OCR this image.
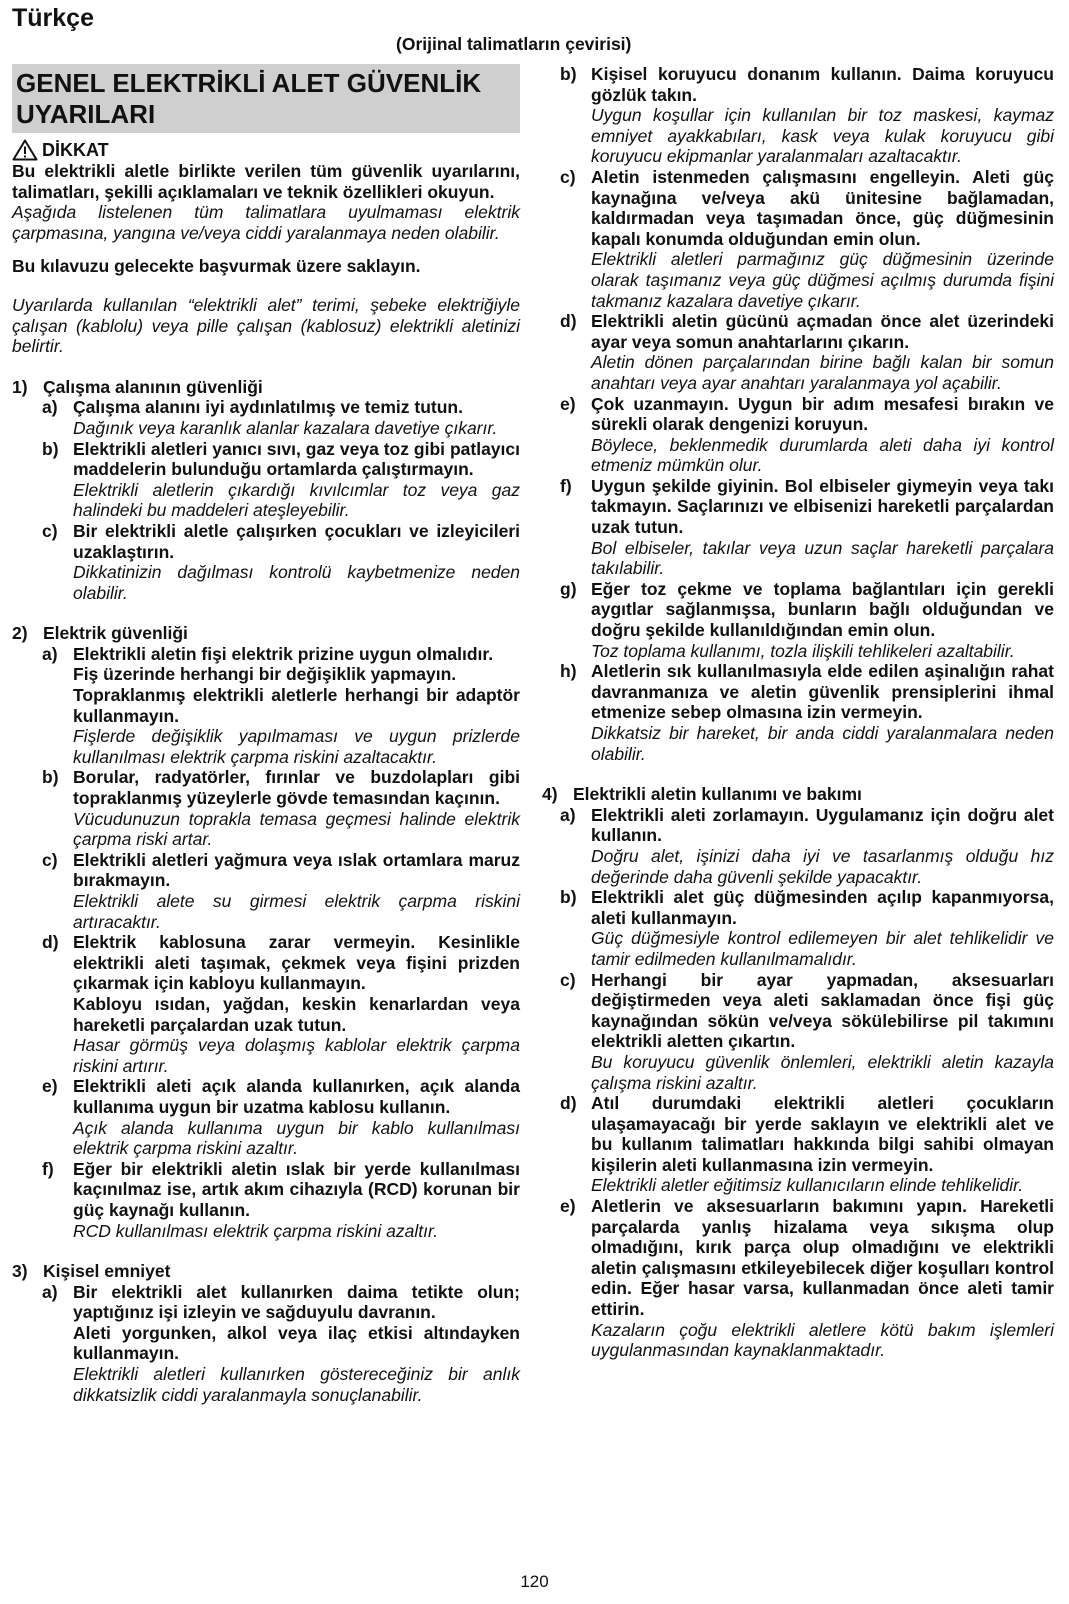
Türkçe
(Orijinal talimatların çevirisi)
GENEL ELEKTRİKLİ ALET GÜVENLİK UYARILARI
DİKKAT
Bu elektrikli aletle birlikte verilen tüm güvenlik uyarılarını, talimatları, şekilli açıklamaları ve teknik özellikleri okuyun.
Aşağıda listelenen tüm talimatlara uyulmaması elektrik çarpmasına, yangına ve/veya ciddi yaralanmaya neden olabilir.
Bu kılavuzu gelecekte başvurmak üzere saklayın.
Uyarılarda kullanılan “elektrikli alet” terimi, şebeke elektriğiyle çalışan (kablolu) veya pille çalışan (kablosuz) elektrikli aletinizi belirtir.
1) Çalışma alanının güvenliği
a) Çalışma alanını iyi aydınlatılmış ve temiz tutun.
Dağınık veya karanlık alanlar kazalara davetiye çıkarır.
b) Elektrikli aletleri yanıcı sıvı, gaz veya toz gibi patlayıcı maddelerin bulunduğu ortamlarda çalıştırmayın.
Elektrikli aletlerin çıkardığı kıvılcımlar toz veya gaz halindeki bu maddeleri ateşleyebilir.
c) Bir elektrikli aletle çalışırken çocukları ve izleyicileri uzaklaştırın.
Dikkatinizin dağılması kontrolü kaybetmenize neden olabilir.
2) Elektrik güvenliği
a) Elektrikli aletin fişi elektrik prizine uygun olmalıdır.
Fiş üzerinde herhangi bir değişiklik yapmayın.
Topraklanmış elektrikli aletlerle herhangi bir adaptör kullanmayın.
Fişlerde değişiklik yapılmaması ve uygun prizlerde kullanılması elektrik çarpma riskini azaltacaktır.
b) Borular, radyatörler, fırınlar ve buzdolapları gibi topraklanmış yüzeylerle gövde temasından kaçının.
Vücudunuzun toprakla temasa geçmesi halinde elektrik çarpma riski artar.
c) Elektrikli aletleri yağmura veya ıslak ortamlara maruz bırakmayın.
Elektrikli alete su girmesi elektrik çarpma riskini artıracaktır.
d) Elektrik kablosuna zarar vermeyin. Kesinlikle elektrikli aleti taşımak, çekmek veya fişini prizden çıkarmak için kabloyu kullanmayın.
Kabloyu ısıdan, yağdan, keskin kenarlardan veya hareketli parçalardan uzak tutun.
Hasar görmüş veya dolaşmış kablolar elektrik çarpma riskini artırır.
e) Elektrikli aleti açık alanda kullanırken, açık alanda kullanıma uygun bir uzatma kablosu kullanın.
Açık alanda kullanıma uygun bir kablo kullanılması elektrik çarpma riskini azaltır.
f)	Eğer bir elektrikli aletin ıslak bir yerde kullanılması kaçınılmaz ise, artık akım cihazıyla (RCD) korunan bir güç kaynağı kullanın.
RCD kullanılması elektrik çarpma riskini azaltır.
3) Kişisel emniyet
a) Bir elektrikli alet kullanırken daima tetikte olun; yaptığınız işi izleyin ve sağduyulu davranın.
Aleti yorgunken, alkol veya ilaç etkisi altındayken kullanmayın.
Elektrikli aletleri kullanırken göstereceğiniz bir anlık dikkatsizlik ciddi yaralanmayla sonuçlanabilir.
b) Kişisel koruyucu donanım kullanın. Daima koruyucu gözlük takın.
Uygun koşullar için kullanılan bir toz maskesi, kaymaz emniyet ayakkabıları, kask veya kulak koruyucu gibi koruyucu ekipmanlar yaralanmaları azaltacaktır.
c) Aletin istenmeden çalışmasını engelleyin. Aleti güç kaynağına ve/veya akü ünitesine bağlamadan, kaldırmadan veya taşımadan önce, güç düğmesinin kapalı konumda olduğundan emin olun.
Elektrikli aletleri parmağınız güç düğmesinin üzerinde olarak taşımanız veya güç düğmesi açılmış durumda fişini takmanız kazalara davetiye çıkarır.
d) Elektrikli aletin gücünü açmadan önce alet üzerindeki ayar veya somun anahtarlarını çıkarın.
Aletin dönen parçalarından birine bağlı kalan bir somun anahtarı veya ayar anahtarı yaralanmaya yol açabilir.
e) Çok uzanmayın. Uygun bir adım mesafesi bırakın ve sürekli olarak dengenizi koruyun.
Böylece, beklenmedik durumlarda aleti daha iyi kontrol etmeniz mümkün olur.
f)	Uygun şekilde giyinin. Bol elbiseler giymeyin veya takı takmayın. Saçlarınızı ve elbisenizi hareketli parçalardan uzak tutun.
Bol elbiseler, takılar veya uzun saçlar hareketli parçalara takılabilir.
g) Eğer toz çekme ve toplama bağlantıları için gerekli aygıtlar sağlanmışsa, bunların bağlı olduğundan ve doğru şekilde kullanıldığından emin olun.
Toz toplama kullanımı, tozla ilişkili tehlikeleri azaltabilir.
h) Aletlerin sık kullanılmasıyla elde edilen aşinalığın rahat davranmanıza ve aletin güvenlik prensiplerini ihmal etmenize sebep olmasına izin vermeyin.
Dikkatsiz bir hareket, bir anda ciddi yaralanmalara neden olabilir.
4) Elektrikli aletin kullanımı ve bakımı
a) Elektrikli aleti zorlamayın. Uygulamanız için doğru alet kullanın.
Doğru alet, işinizi daha iyi ve tasarlanmış olduğu hız değerinde daha güvenli şekilde yapacaktır.
b) Elektrikli alet güç düğmesinden açılıp kapanmıyorsa, aleti kullanmayın.
Güç düğmesiyle kontrol edilemeyen bir alet tehlikelidir ve tamir edilmeden kullanılmamalıdır.
c) Herhangi bir ayar yapmadan, aksesuarları değiştirmeden veya aleti saklamadan önce fişi güç kaynağından sökün ve/veya sökülebilirse pil takımını elektrikli aletten çıkartın.
Bu koruyucu güvenlik önlemleri, elektrikli aletin kazayla çalışma riskini azaltır.
d) Atıl durumdaki elektrikli aletleri çocukların ulaşamayacağı bir yerde saklayın ve elektrikli alet ve bu kullanım talimatları hakkında bilgi sahibi olmayan kişilerin aleti kullanmasına izin vermeyin.
Elektrikli aletler eğitimsiz kullanıcıların elinde tehlikelidir.
e) Aletlerin ve aksesuarların bakımını yapın. Hareketli parçalarda yanlış hizalama veya sıkışma olup olmadığını, kırık parça olup olmadığını ve elektrikli aletin çalışmasını etkileyebilecek diğer koşulları kontrol edin. Eğer hasar varsa, kullanmadan önce aleti tamir ettirin.
Kazaların çoğu elektrikli aletlere kötü bakım işlemleri uygulanmasından kaynaklanmaktadır.
120
